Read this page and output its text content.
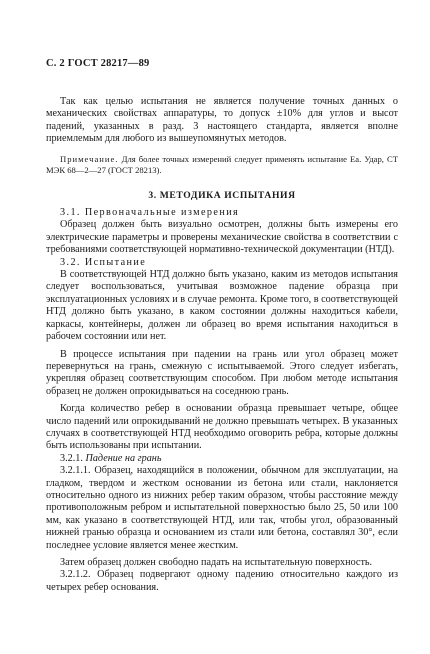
С. 2 ГОСТ 28217—89

Так как целью испытания не является получение точных данных о механических свойствах аппаратуры, то допуск ±10% для углов и высот падений, указанных в разд. 3 настоящего стандарта, является вполне приемлемым для любого из вышеупомянутых методов.

Примечание. Для более точных измерений следует применять испытание Еа. Удар, СТ МЭК 68—2—27 (ГОСТ 28213).

3. МЕТОДИКА ИСПЫТАНИЯ

3.1. Первоначальные измерения

Образец должен быть визуально осмотрен, должны быть измерены его электрические параметры и проверены механические свойства в соответствии с требованиями соответствующей нормативно-технической документации (НТД).

3.2. Испытание

В соответствующей НТД должно быть указано, каким из методов испытания следует воспользоваться, учитывая возможное падение образца при эксплуатационных условиях и в случае ремонта. Кроме того, в соответствующей НТД должно быть указано, в каком состоянии должны находиться кабели, каркасы, контейнеры, должен ли образец во время испытания находиться в рабочем состоянии или нет.

В процессе испытания при падении на грань или угол образец может перевернуться на грань, смежную с испытываемой. Этого следует избегать, укрепляя образец соответствующим способом. При любом методе испытания образец не должен опрокидываться на соседнюю грань.

Когда количество ребер в основании образца превышает четыре, общее число падений или опрокидываний не должно превышать четырех. В указанных случаях в соответствующей НТД необходимо оговорить ребра, которые должны быть использованы при испытании.

3.2.1. Падение на грань

3.2.1.1. Образец, находящийся в положении, обычном для эксплуатации, на гладком, твердом и жестком основании из бетона или стали, наклоняется относительно одного из нижних ребер таким образом, чтобы расстояние между противоположным ребром и испытательной поверхностью было 25, 50 или 100 мм, как указано в соответствующей НТД, или так, чтобы угол, образованный нижней гранью образца и основанием из стали или бетона, составлял 30°, если последнее условие является менее жестким.

Затем образец должен свободно падать на испытательную поверхность.

3.2.1.2. Образец подвергают одному падению относительно каждого из четырех ребер основания.
